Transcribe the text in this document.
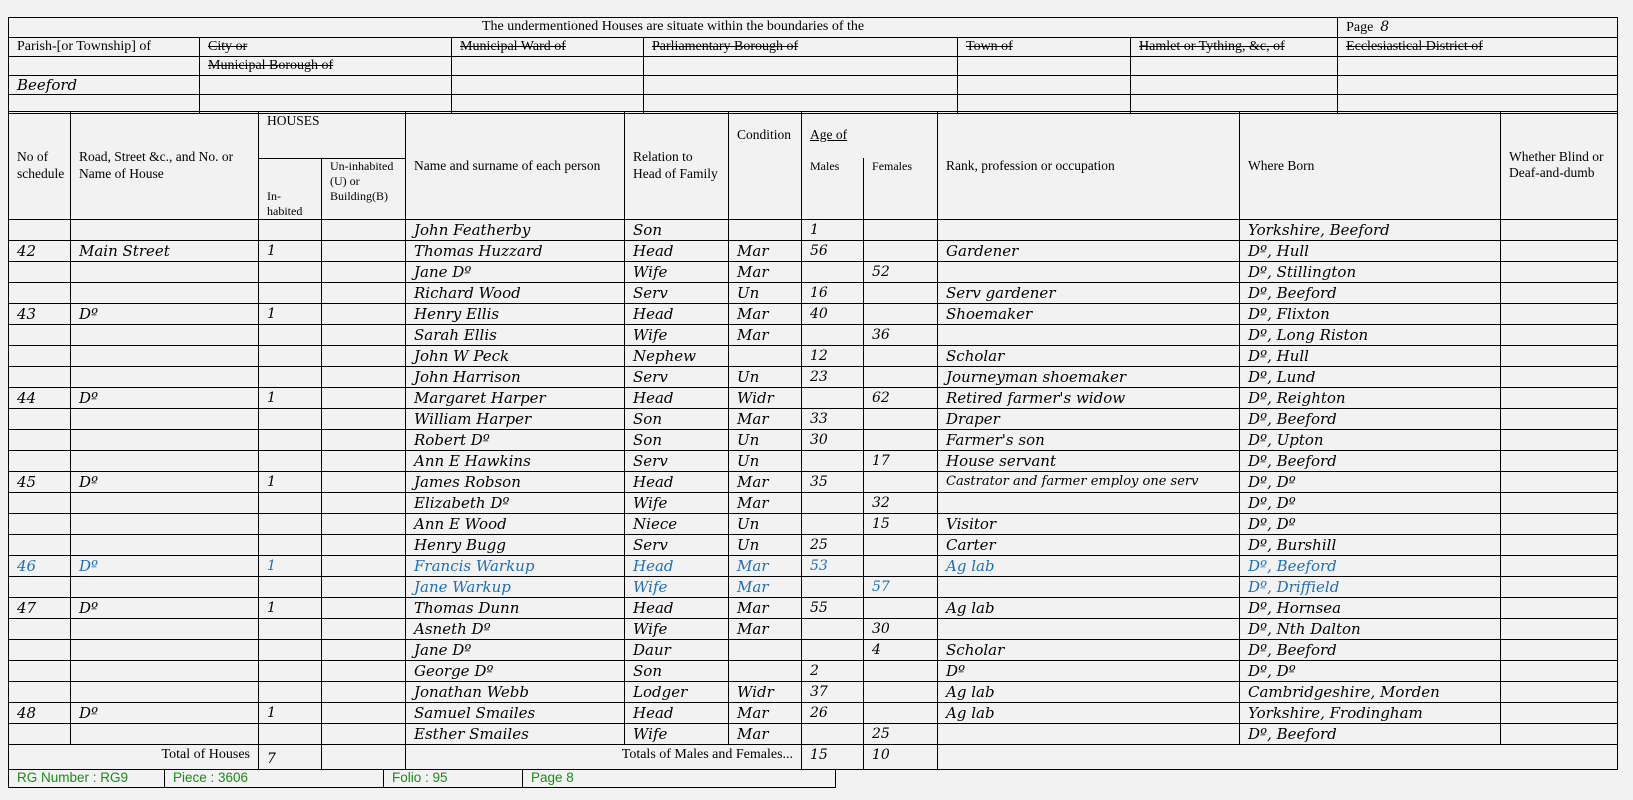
The undermentioned Houses are situate within the boundaries of the						Page 8
Parish-[or Township] of	City or	Municipal Ward of	Parliamentary Borough of	Town of	Hamlet or Tything, &c, of	Ecclesiastical District of
	Municipal Borough of					
Beeford						

No of schedule	Road, Street &c., and No. or Name of House	HOUSES		Name and surname of each person	Relation to Head of Family	Condition	Age of		Rank, profession or occupation	Where Born	Whether Blind or Deaf-and-dumb
		In-habited	Un-inhabited (U) or Building(B)				Males	Females			
				John Featherby	Son		1			Yorkshire, Beeford	
42	Main Street	1		Thomas Huzzard	Head	Mar	56		Gardener	Dº, Hull	
				Jane Dº	Wife	Mar		52		Dº, Stillington	
				Richard Wood	Serv	Un	16		Serv gardener	Dº, Beeford	
43	Dº	1		Henry Ellis	Head	Mar	40		Shoemaker	Dº, Flixton	
				Sarah Ellis	Wife	Mar		36		Dº, Long Riston	
				John W Peck	Nephew		12		Scholar	Dº, Hull	
				John Harrison	Serv	Un	23		Journeyman shoemaker	Dº, Lund	
44	Dº	1		Margaret Harper	Head	Widr		62	Retired farmer's widow	Dº, Reighton	
				William Harper	Son	Mar	33		Draper	Dº, Beeford	
				Robert Dº	Son	Un	30		Farmer's son	Dº, Upton	
				Ann E Hawkins	Serv	Un		17	House servant	Dº, Beeford	
45	Dº	1		James Robson	Head	Mar	35		Castrator and farmer employ one serv	Dº, Dº	
				Elizabeth Dº	Wife	Mar		32		Dº, Dº	
				Ann E Wood	Niece	Un		15	Visitor	Dº, Dº	
				Henry Bugg	Serv	Un	25		Carter	Dº, Burshill	
46	Dº	1		Francis Warkup	Head	Mar	53		Ag lab	Dº, Beeford	
				Jane Warkup	Wife	Mar		57		Dº, Driffield	
47	Dº	1		Thomas Dunn	Head	Mar	55		Ag lab	Dº, Hornsea	
				Asneth Dº	Wife	Mar		30		Dº, Nth Dalton	
				Jane Dº	Daur			4	Scholar	Dº, Beeford	
				George Dº	Son		2		Dº	Dº, Dº	
				Jonathan Webb	Lodger	Widr	37		Ag lab	Cambridgeshire, Morden	
48	Dº	1		Samuel Smailes	Head	Mar	26		Ag lab	Yorkshire, Frodingham	
				Esther Smailes	Wife	Mar		25		Dº, Beeford	
Total of Houses		7		Totals of Males and Females...			15	10			
RG Number : RG9	Piece : 3606	Folio : 95	Page 8
